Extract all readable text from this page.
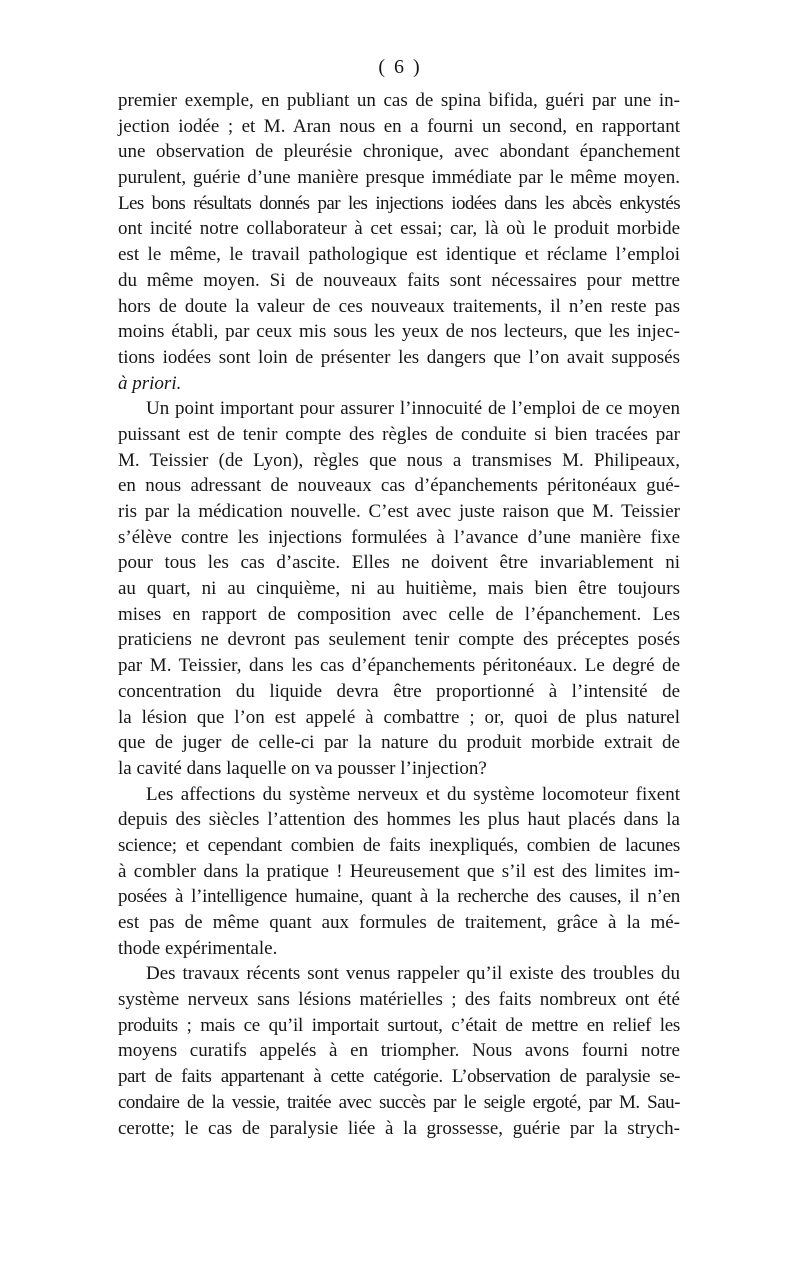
( 6 )
premier exemple, en publiant un cas de spina bifida, guéri par une in-
jection iodée ; et M. Aran nous en a fourni un second, en rapportant
une observation de pleurésie chronique, avec abondant épanchement
purulent, guérie d’une manière presque immédiate par le même moyen.
Les bons résultats donnés par les injections iodées dans les abcès enkystés
ont incité notre collaborateur à cet essai; car, là où le produit morbide
est le même, le travail pathologique est identique et réclame l’emploi
du même moyen. Si de nouveaux faits sont nécessaires pour mettre
hors de doute la valeur de ces nouveaux traitements, il n’en reste pas
moins établi, par ceux mis sous les yeux de nos lecteurs, que les injec-
tions iodées sont loin de présenter les dangers que l’on avait supposés
à priori.
Un point important pour assurer l’innocuité de l’emploi de ce moyen
puissant est de tenir compte des règles de conduite si bien tracées par
M. Teissier (de Lyon), règles que nous a transmises M. Philipeaux,
en nous adressant de nouveaux cas d’épanchements péritonéaux gué-
ris par la médication nouvelle. C’est avec juste raison que M. Teissier
s’élève contre les injections formulées à l’avance d’une manière fixe
pour tous les cas d’ascite. Elles ne doivent être invariablement ni
au quart, ni au cinquième, ni au huitième, mais bien être toujours
mises en rapport de composition avec celle de l’épanchement. Les
praticiens ne devront pas seulement tenir compte des préceptes posés
par M. Teissier, dans les cas d’épanchements péritonéaux. Le degré de
concentration du liquide devra être proportionné à l’intensité de
la lésion que l’on est appelé à combattre ; or, quoi de plus naturel
que de juger de celle-ci par la nature du produit morbide extrait de
la cavité dans laquelle on va pousser l’injection?
Les affections du système nerveux et du système locomoteur fixent
depuis des siècles l’attention des hommes les plus haut placés dans la
science; et cependant combien de faits inexpliqués, combien de lacunes
à combler dans la pratique ! Heureusement que s’il est des limites im-
posées à l’intelligence humaine, quant à la recherche des causes, il n’en
est pas de même quant aux formules de traitement, grâce à la mé-
thode expérimentale.
Des travaux récents sont venus rappeler qu’il existe des troubles du
système nerveux sans lésions matérielles ; des faits nombreux ont été
produits ; mais ce qu’il importait surtout, c’était de mettre en relief les
moyens curatifs appelés à en triompher. Nous avons fourni notre
part de faits appartenant à cette catégorie. L’observation de paralysie se-
condaire de la vessie, traitée avec succès par le seigle ergoté, par M. Sau-
cerotte; le cas de paralysie liée à la grossesse, guérie par la strych-
